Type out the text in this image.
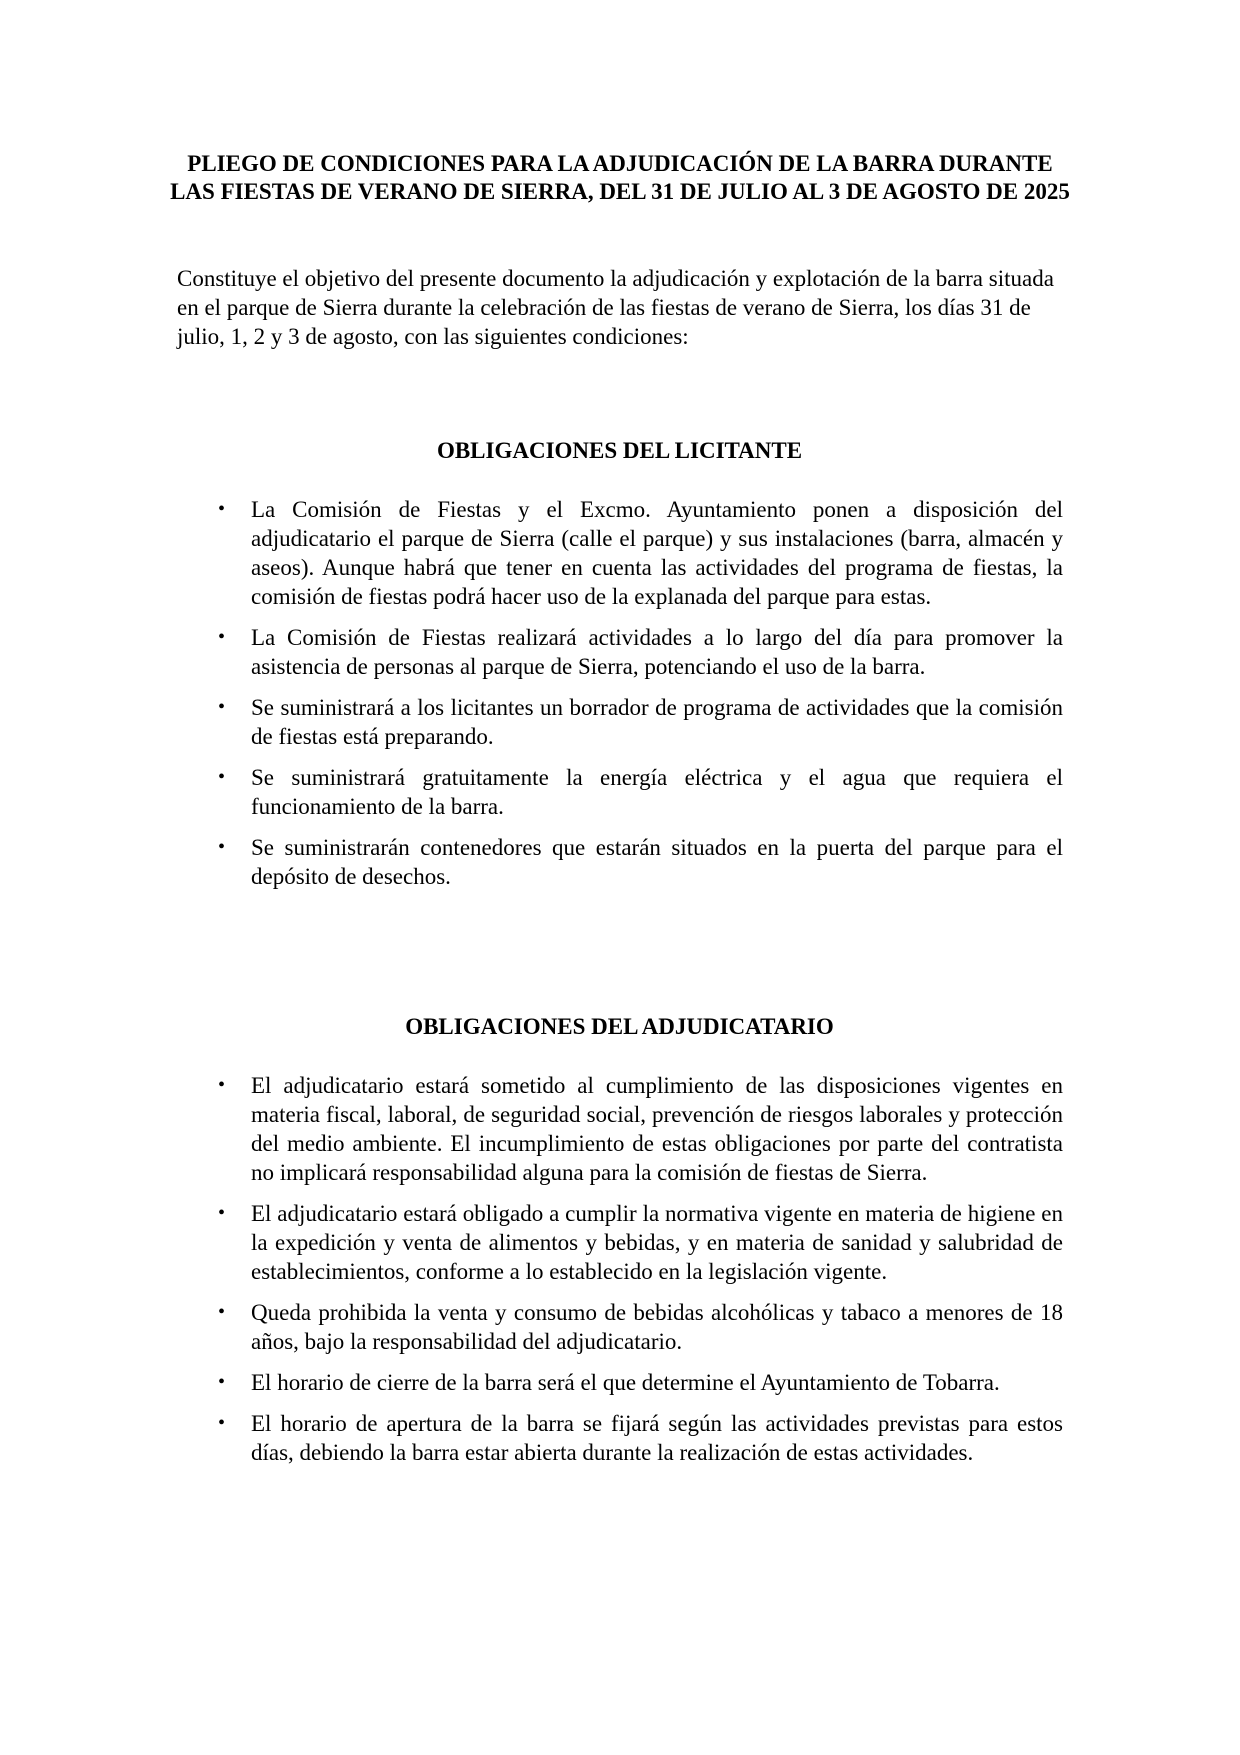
PLIEGO DE CONDICIONES PARA LA ADJUDICACIÓN DE LA BARRA DURANTE LAS FIESTAS DE VERANO DE SIERRA, DEL 31 DE JULIO AL 3 DE AGOSTO DE 2025

Constituye el objetivo del presente documento la adjudicación y explotación de la barra situada en el parque de Sierra durante la celebración de las fiestas de verano de Sierra, los días 31 de julio, 1, 2 y 3 de agosto, con las siguientes condiciones:

OBLIGACIONES DEL LICITANTE
• La Comisión de Fiestas y el Excmo. Ayuntamiento ponen a disposición del adjudicatario el parque de Sierra (calle el parque) y sus instalaciones (barra, almacén y aseos). Aunque habrá que tener en cuenta las actividades del programa de fiestas, la comisión de fiestas podrá hacer uso de la explanada del parque para estas.
• La Comisión de Fiestas realizará actividades a lo largo del día para promover la asistencia de personas al parque de Sierra, potenciando el uso de la barra.
• Se suministrará a los licitantes un borrador de programa de actividades que la comisión de fiestas está preparando.
• Se suministrará gratuitamente la energía eléctrica y el agua que requiera el funcionamiento de la barra.
• Se suministrarán contenedores que estarán situados en la puerta del parque para el depósito de desechos.
OBLIGACIONES DEL ADJUDICATARIO
• El adjudicatario estará sometido al cumplimiento de las disposiciones vigentes en materia fiscal, laboral, de seguridad social, prevención de riesgos laborales y protección del medio ambiente. El incumplimiento de estas obligaciones por parte del contratista no implicará responsabilidad alguna para la comisión de fiestas de Sierra.
• El adjudicatario estará obligado a cumplir la normativa vigente en materia de higiene en la expedición y venta de alimentos y bebidas, y en materia de sanidad y salubridad de establecimientos, conforme a lo establecido en la legislación vigente.
• Queda prohibida la venta y consumo de bebidas alcohólicas y tabaco a menores de 18 años, bajo la responsabilidad del adjudicatario.
• El horario de cierre de la barra será el que determine el Ayuntamiento de Tobarra.
• El horario de apertura de la barra se fijará según las actividades previstas para estos días, debiendo la barra estar abierta durante la realización de estas actividades.
